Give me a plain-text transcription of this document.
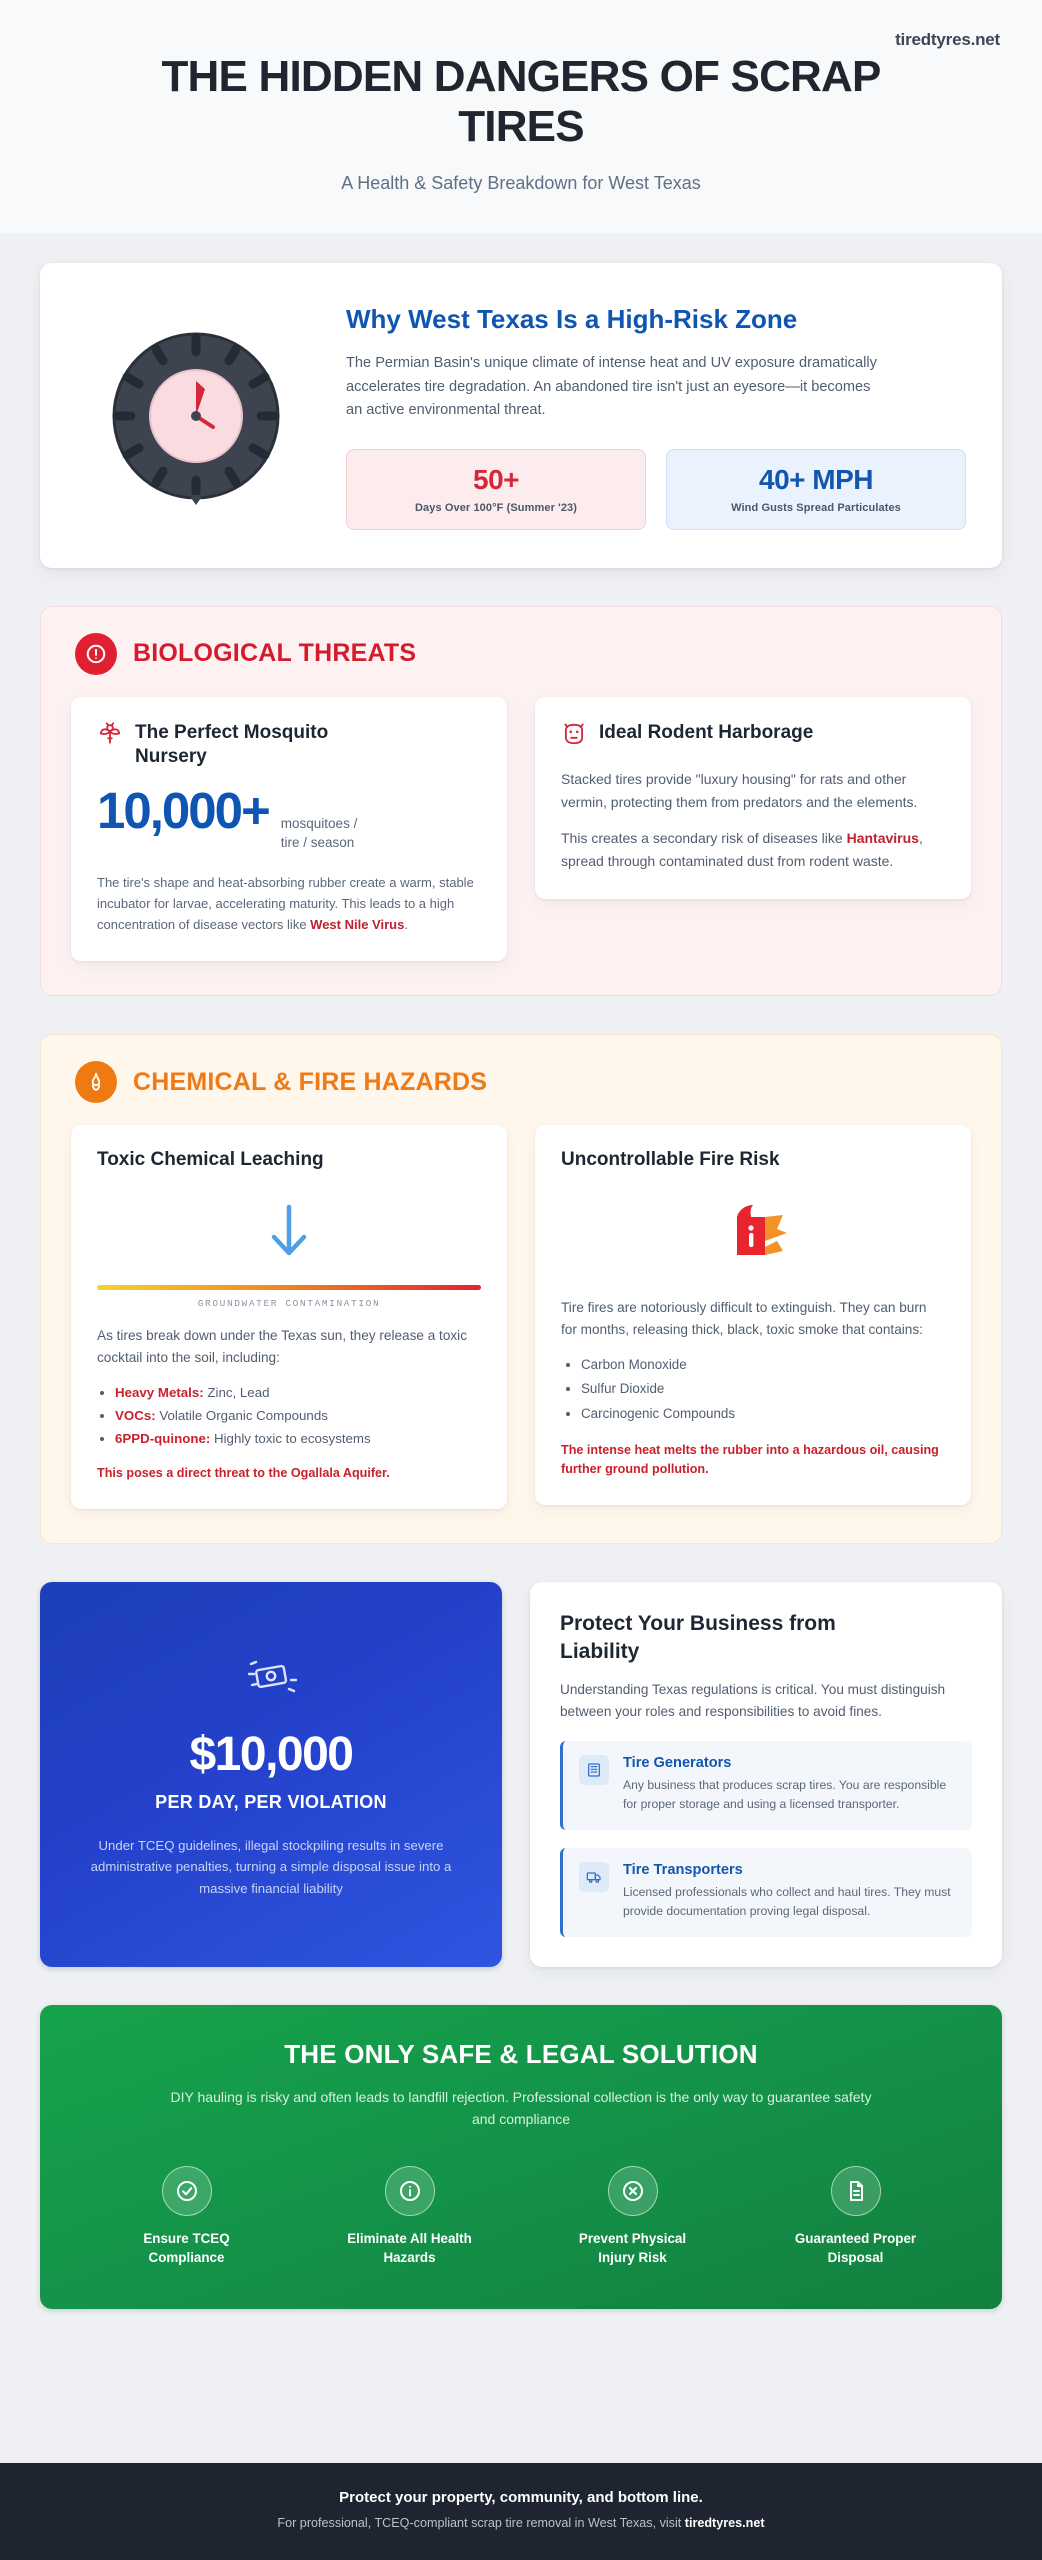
tiredtyres.net
THE HIDDEN DANGERS OF SCRAP TIRES
A Health & Safety Breakdown for West Texas
Why West Texas Is a High-Risk Zone

The Permian Basin's unique climate of intense heat and UV exposure dramatically accelerates tire degradation. An abandoned tire isn't just an eyesore—it becomes an active environmental threat.

50+
Days Over 100°F (Summer '23)
40+ MPH
Wind Gusts Spread Particulates
BIOLOGICAL THREATS
The Perfect Mosquito Nursery
10,000+ mosquitoes / tire / season

The tire's shape and heat-absorbing rubber create a warm, stable incubator for larvae, accelerating maturity. This leads to a high concentration of disease vectors like West Nile Virus.

Ideal Rodent Harborage

Stacked tires provide "luxury housing" for rats and other vermin, protecting them from predators and the elements.

This creates a secondary risk of diseases like Hantavirus, spread through contaminated dust from rodent waste.

CHEMICAL & FIRE HAZARDS
Toxic Chemical Leaching
GROUNDWATER CONTAMINATION

As tires break down under the Texas sun, they release a toxic cocktail into the soil, including:

• Heavy Metals: Zinc, Lead
• VOCs: Volatile Organic Compounds
• 6PPD-quinone: Highly toxic to ecosystems
This poses a direct threat to the Ogallala Aquifer.
Uncontrollable Fire Risk

Tire fires are notoriously difficult to extinguish. They can burn for months, releasing thick, black, toxic smoke that contains:

• Carbon Monoxide
• Sulfur Dioxide
• Carcinogenic Compounds
The intense heat melts the rubber into a hazardous oil, causing further ground pollution.
$10,000
PER DAY, PER VIOLATION
Under TCEQ guidelines, illegal stockpiling results in severe administrative penalties, turning a simple disposal issue into a massive financial liability
Protect Your Business from Liability

Understanding Texas regulations is critical. You must distinguish between your roles and responsibilities to avoid fines.

Tire Generators

Any business that produces scrap tires. You are responsible for proper storage and using a licensed transporter.

Tire Transporters

Licensed professionals who collect and haul tires. They must provide documentation proving legal disposal.

THE ONLY SAFE & LEGAL SOLUTION

DIY hauling is risky and often leads to landfill rejection. Professional collection is the only way to guarantee safety and compliance

Ensure TCEQ Compliance

Eliminate All Health Hazards

Prevent Physical Injury Risk

Guaranteed Proper Disposal

Protect your property, community, and bottom line.
For professional, TCEQ-compliant scrap tire removal in West Texas, visit tiredtyres.net
